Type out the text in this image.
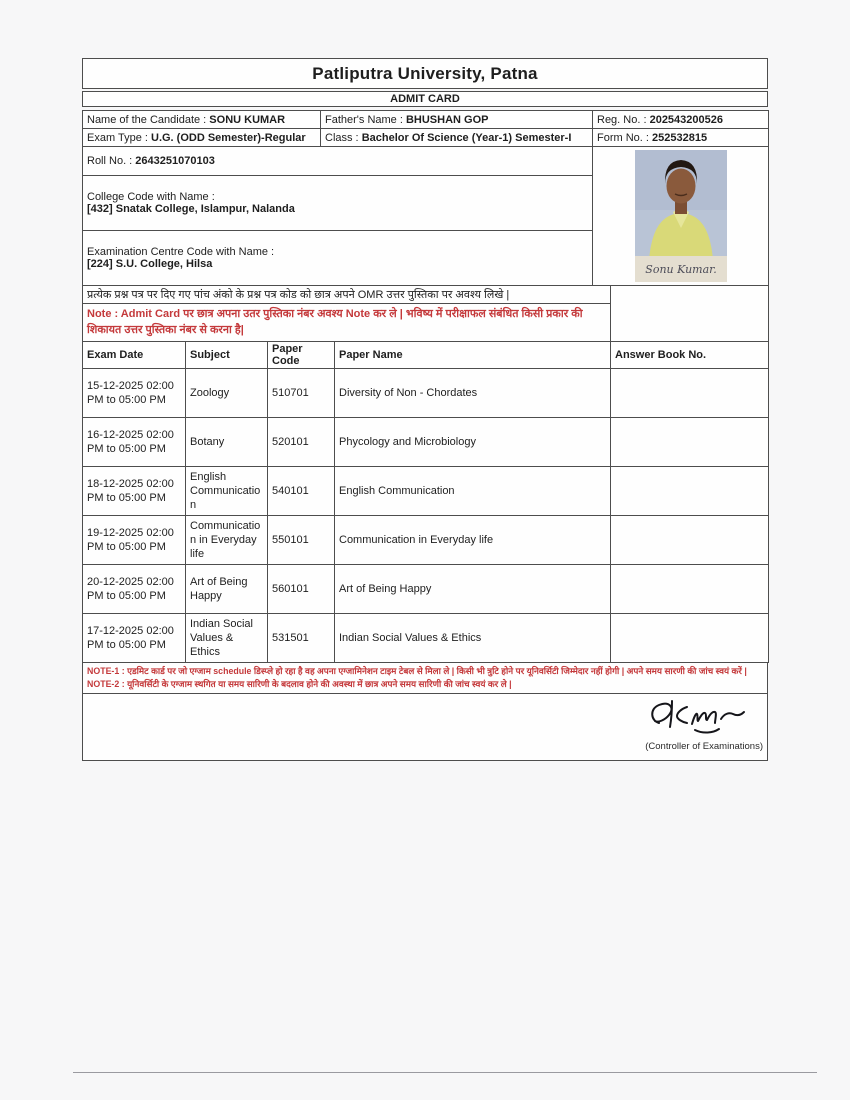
Patliputra University, Patna
ADMIT CARD
Name of the Candidate : SONU KUMAR	Father's Name : BHUSHAN GOP	Reg. No. : 202543200526
Exam Type : U.G. (ODD Semester)-Regular	Class : Bachelor Of Science (Year-1) Semester-I	Form No. : 252532815
Roll No. : 2643251070103	
Sonu Kumar.

College Code with Name :
[432] Snatak College, Islampur, Nalanda

Examination Centre Code with Name :
[224] S.U. College, Hilsa
प्रत्येक प्रश्न पत्र पर दिए गए पांच अंको के प्रश्न पत्र कोड को छात्र अपने OMR उत्तर पुस्तिका पर अवश्य लिखे |	
Note : Admit Card पर छात्र अपना उतर पुस्तिका नंबर अवश्य Note कर ले | भविष्य में परीक्षाफल संबंधित किसी प्रकार की शिकायत उत्तर पुस्तिका नंबर से करना है|
Exam Date	Subject	Paper Code	Paper Name	Answer Book No.
15-12-2025 02:00 PM to 05:00 PM	Zoology	510701	Diversity of Non - Chordates	
16-12-2025 02:00 PM to 05:00 PM	Botany	520101	Phycology and Microbiology	
18-12-2025 02:00 PM to 05:00 PM	English Communication	540101	English Communication	
19-12-2025 02:00 PM to 05:00 PM	Communication in Everyday life	550101	Communication in Everyday life	
20-12-2025 02:00 PM to 05:00 PM	Art of Being Happy	560101	Art of Being Happy	
17-12-2025 02:00 PM to 05:00 PM	Indian Social Values & Ethics	531501	Indian Social Values & Ethics	
NOTE-1 : एडमिट कार्ड पर जो एग्जाम schedule डिस्प्ले हो रहा है वह अपना एग्जामिनेशन टाइम टेबल से मिला ले | किसी भी त्रुटि होने पर यूनिवर्सिटी जिम्मेदार नहीं होगी | अपने समय सारणी की जांच स्वयं करें |
NOTE-2 : यूनिवर्सिटी के एग्जाम स्थगित या समय सारिणी के बदलाव होने की अवस्था में छात्र अपने समय सारिणी की जांच स्वयं कर ले |
(Controller of Examinations)
